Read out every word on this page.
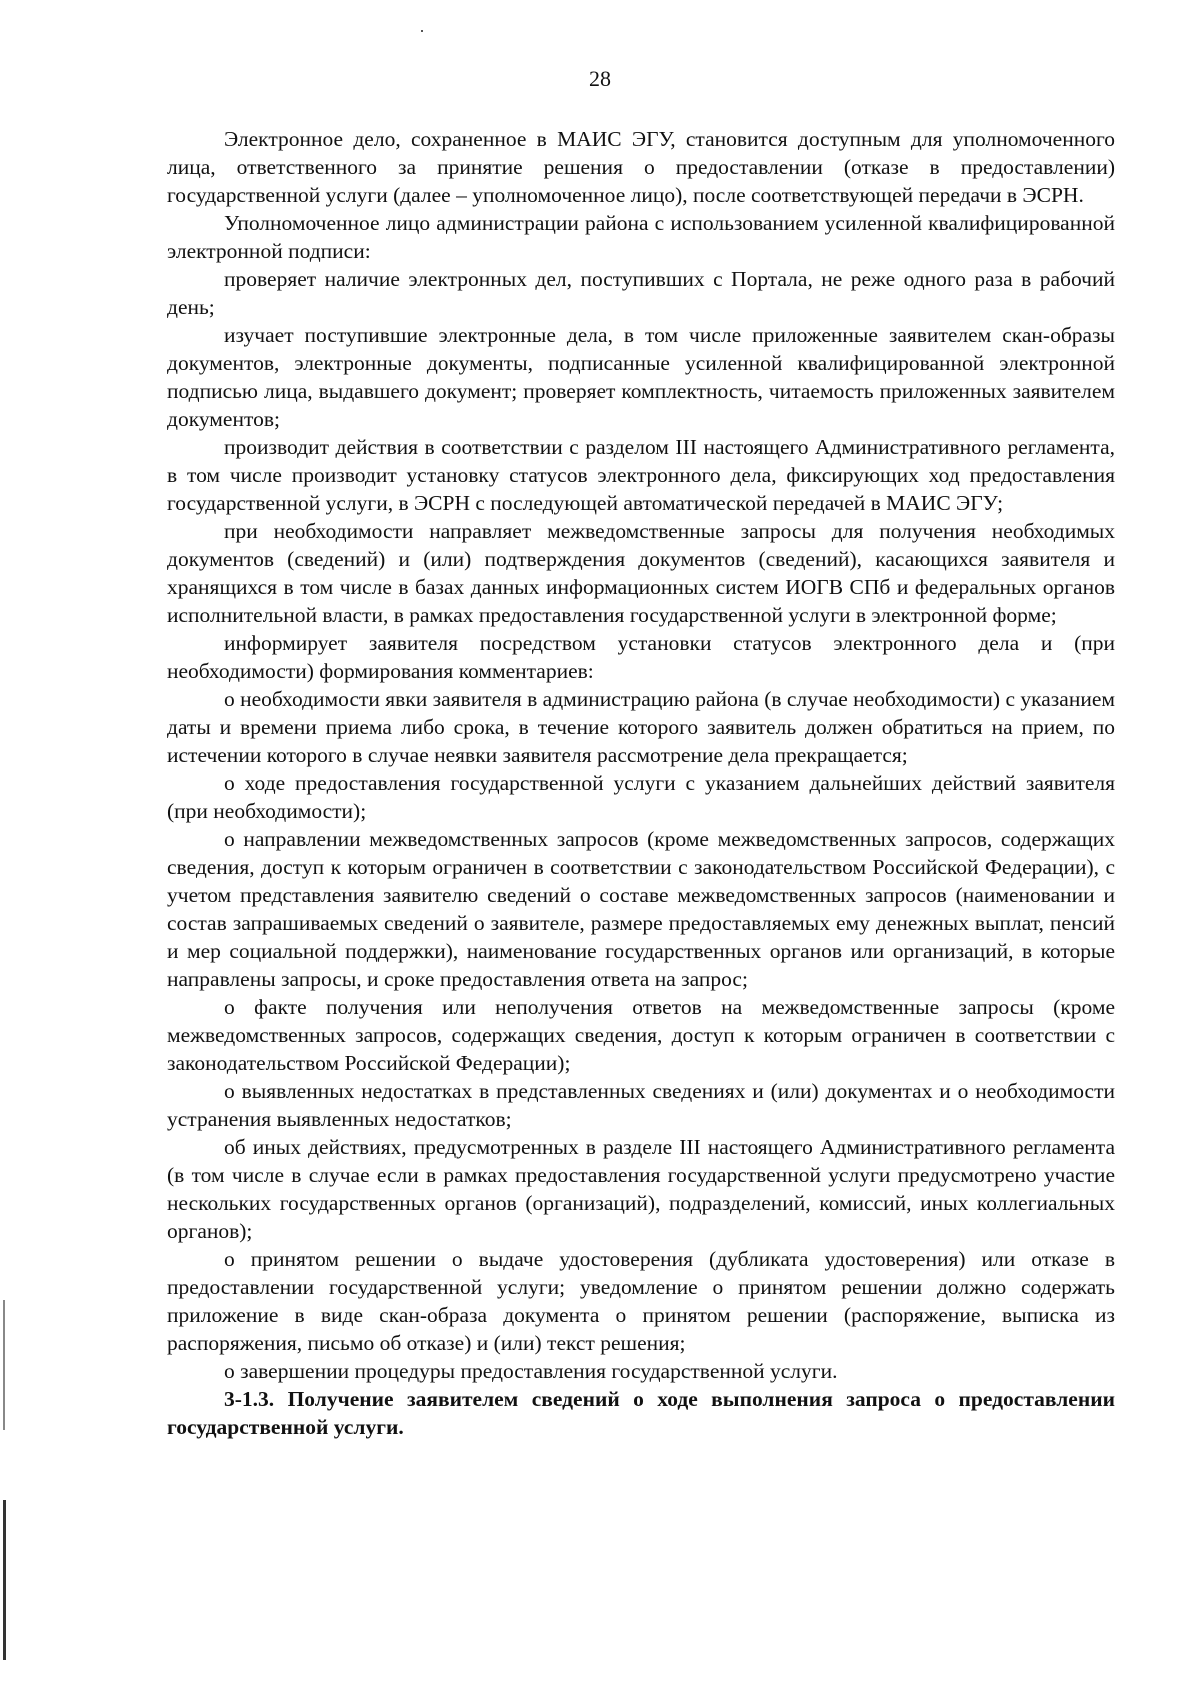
28

Электронное дело, сохраненное в МАИС ЭГУ, становится доступным для уполномоченного лица, ответственного за принятие решения о предоставлении (отказе в предоставлении) государственной услуги (далее – уполномоченное лицо), после соответствующей передачи в ЭСРН.

Уполномоченное лицо администрации района с использованием усиленной квалифицированной электронной подписи:

проверяет наличие электронных дел, поступивших с Портала, не реже одного раза в рабочий день;

изучает поступившие электронные дела, в том числе приложенные заявителем скан-образы документов, электронные документы, подписанные усиленной квалифицированной электронной подписью лица, выдавшего документ; проверяет комплектность, читаемость приложенных заявителем документов;

производит действия в соответствии с разделом III настоящего Административного регламента, в том числе производит установку статусов электронного дела, фиксирующих ход предоставления государственной услуги, в ЭСРН с последующей автоматической передачей в МАИС ЭГУ;

при необходимости направляет межведомственные запросы для получения необходимых документов (сведений) и (или) подтверждения документов (сведений), касающихся заявителя и хранящихся в том числе в базах данных информационных систем ИОГВ СПб и федеральных органов исполнительной власти, в рамках предоставления государственной услуги в электронной форме;

информирует заявителя посредством установки статусов электронного дела и (при необходимости) формирования комментариев:

о необходимости явки заявителя в администрацию района (в случае необходимости) с указанием даты и времени приема либо срока, в течение которого заявитель должен обратиться на прием, по истечении которого в случае неявки заявителя рассмотрение дела прекращается;

о ходе предоставления государственной услуги с указанием дальнейших действий заявителя (при необходимости);

о направлении межведомственных запросов (кроме межведомственных запросов, содержащих сведения, доступ к которым ограничен в соответствии с законодательством Российской Федерации), с учетом представления заявителю сведений о составе межведомственных запросов (наименовании и состав запрашиваемых сведений о заявителе, размере предоставляемых ему денежных выплат, пенсий и мер социальной поддержки), наименование государственных органов или организаций, в которые направлены запросы, и сроке предоставления ответа на запрос;

о факте получения или неполучения ответов на межведомственные запросы (кроме межведомственных запросов, содержащих сведения, доступ к которым ограничен в соответствии с законодательством Российской Федерации);

о выявленных недостатках в представленных сведениях и (или) документах и о необходимости устранения выявленных недостатков;

об иных действиях, предусмотренных в разделе III настоящего Административного регламента (в том числе в случае если в рамках предоставления государственной услуги предусмотрено участие нескольких государственных органов (организаций), подразделений, комиссий, иных коллегиальных органов);

о принятом решении о выдаче удостоверения (дубликата удостоверения) или отказе в предоставлении государственной услуги; уведомление о принятом решении должно содержать приложение в виде скан-образа документа о принятом решении (распоряжение, выписка из распоряжения, письмо об отказе) и (или) текст решения;

о завершении процедуры предоставления государственной услуги.

3-1.3. Получение заявителем сведений о ходе выполнения запроса о предоставлении государственной услуги.
